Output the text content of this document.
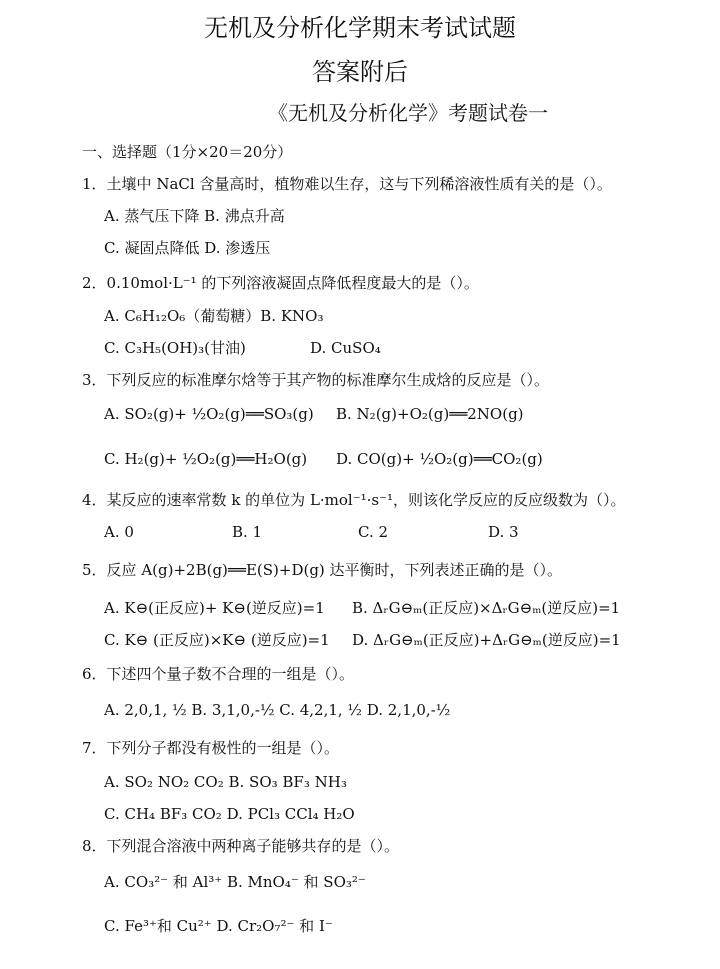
无机及分析化学期末考试试题
答案附后
《无机及分析化学》考题试卷一
一、选择题（1分×20＝20分）
1．土壤中 NaCl 含量高时，植物难以生存，这与下列稀溶液性质有关的是（）。
A. 蒸气压下降 B. 沸点升高
C. 凝固点降低 D. 渗透压
2．0.10mol·L⁻¹ 的下列溶液凝固点降低程度最大的是（）。
A. C₆H₁₂O₆（葡萄糖）B. KNO₃
C. C₃H₅(OH)₃(甘油)	D. CuSO₄
3．下列反应的标准摩尔焓等于其产物的标准摩尔生成焓的反应是（）。
A. SO₂(g)+ ½O₂(g)══SO₃(g) B. N₂(g)+O₂(g)══2NO(g)
C. H₂(g)+ ½O₂(g)══H₂O(g) D. CO(g)+ ½O₂(g)══CO₂(g)
4．某反应的速率常数 k 的单位为 L·mol⁻¹·s⁻¹，则该化学反应的反应级数为（）。
A. 0	B. 1	C. 2	D. 3
5．反应 A(g)+2B(g)══E(S)+D(g) 达平衡时，下列表述正确的是（）。
A. K⊖(正反应)+ K⊖(逆反应)=1 B. ΔᵣG⊖ₘ(正反应)×ΔᵣG⊖ₘ(逆反应)=1
C. K⊖ (正反应)×K⊖ (逆反应)=1 D. ΔᵣG⊖ₘ(正反应)+ΔᵣG⊖ₘ(逆反应)=1
6．下述四个量子数不合理的一组是（）。
A. 2,0,1, ½ B. 3,1,0,-½ C. 4,2,1, ½ D. 2,1,0,-½
7．下列分子都没有极性的一组是（）。
A. SO₂ NO₂ CO₂ B. SO₃ BF₃ NH₃
C. CH₄ BF₃ CO₂ D. PCl₃ CCl₄ H₂O
8．下列混合溶液中两种离子能够共存的是（）。
A. CO₃²⁻ 和 Al³⁺ B. MnO₄⁻ 和 SO₃²⁻
C. Fe³⁺和 Cu²⁺ D. Cr₂O₇²⁻ 和 I⁻
